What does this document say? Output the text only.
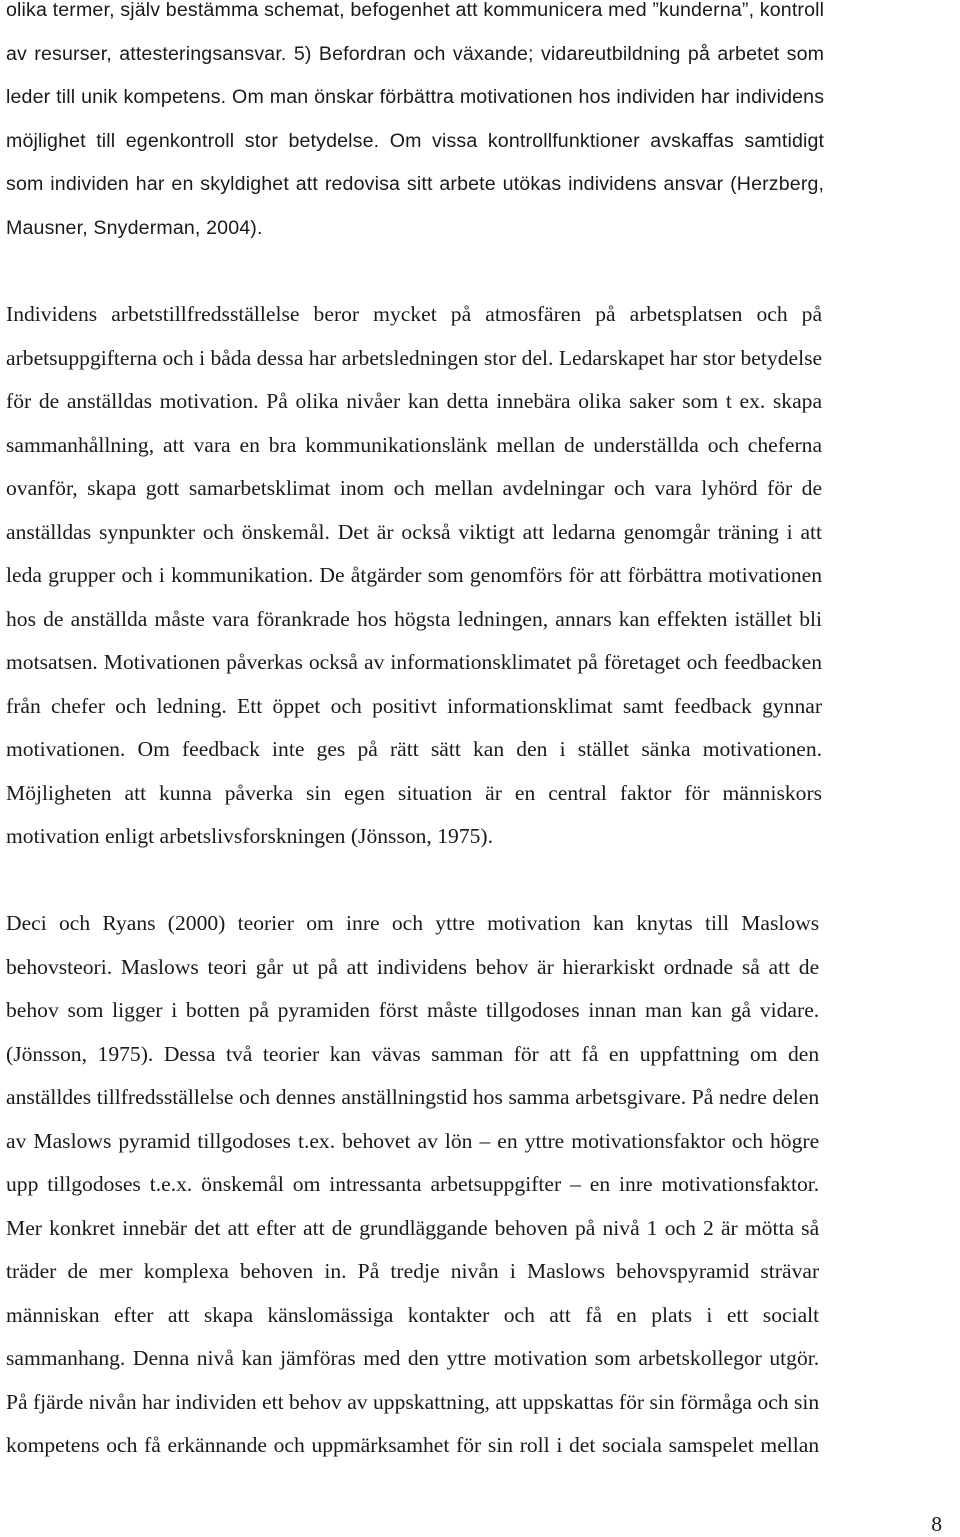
olika termer, själv bestämma schemat, befogenhet att kommunicera med ”kunderna”, kontroll
av resurser, attesteringsansvar. 5) Befordran och växande; vidareutbildning på arbetet som
leder till unik kompetens. Om man önskar förbättra motivationen hos individen har individens
möjlighet till egenkontroll stor betydelse. Om vissa kontrollfunktioner avskaffas samtidigt
som individen har en skyldighet att redovisa sitt arbete utökas individens ansvar (Herzberg,
Mausner, Snyderman, 2004).
Individens arbetstillfredsställelse beror mycket på atmosfären på arbetsplatsen och på
arbetsuppgifterna och i båda dessa har arbetsledningen stor del. Ledarskapet har stor betydelse
för de anställdas motivation. På olika nivåer kan detta innebära olika saker som t ex. skapa
sammanhållning, att vara en bra kommunikationslänk mellan de underställda och cheferna
ovanför, skapa gott samarbetsklimat inom och mellan avdelningar och vara lyhörd för de
anställdas synpunkter och önskemål. Det är också viktigt att ledarna genomgår träning i att
leda grupper och i kommunikation. De åtgärder som genomförs för att förbättra motivationen
hos de anställda måste vara förankrade hos högsta ledningen, annars kan effekten istället bli
motsatsen. Motivationen påverkas också av informationsklimatet på företaget och feedbacken
från chefer och ledning. Ett öppet och positivt informationsklimat samt feedback gynnar
motivationen. Om feedback inte ges på rätt sätt kan den i stället sänka motivationen.
Möjligheten att kunna påverka sin egen situation är en central faktor för människors
motivation enligt arbetslivsforskningen (Jönsson, 1975).
Deci och Ryans (2000) teorier om inre och yttre motivation kan knytas till Maslows
behovsteori. Maslows teori går ut på att individens behov är hierarkiskt ordnade så att de
behov som ligger i botten på pyramiden först måste tillgodoses innan man kan gå vidare.
(Jönsson, 1975). Dessa två teorier kan vävas samman för att få en uppfattning om den
anställdes tillfredsställelse och dennes anställningstid hos samma arbetsgivare. På nedre delen
av Maslows pyramid tillgodoses t.ex. behovet av lön – en yttre motivationsfaktor och högre
upp tillgodoses t.e.x. önskemål om intressanta arbetsuppgifter – en inre motivationsfaktor.
Mer konkret innebär det att efter att de grundläggande behoven på nivå 1 och 2 är mötta så
träder de mer komplexa behoven in. På tredje nivån i Maslows behovspyramid strävar
människan efter att skapa känslomässiga kontakter och att få en plats i ett socialt
sammanhang. Denna nivå kan jämföras med den yttre motivation som arbetskollegor utgör.
På fjärde nivån har individen ett behov av uppskattning, att uppskattas för sin förmåga och sin
kompetens och få erkännande och uppmärksamhet för sin roll i det sociala samspelet mellan
8
